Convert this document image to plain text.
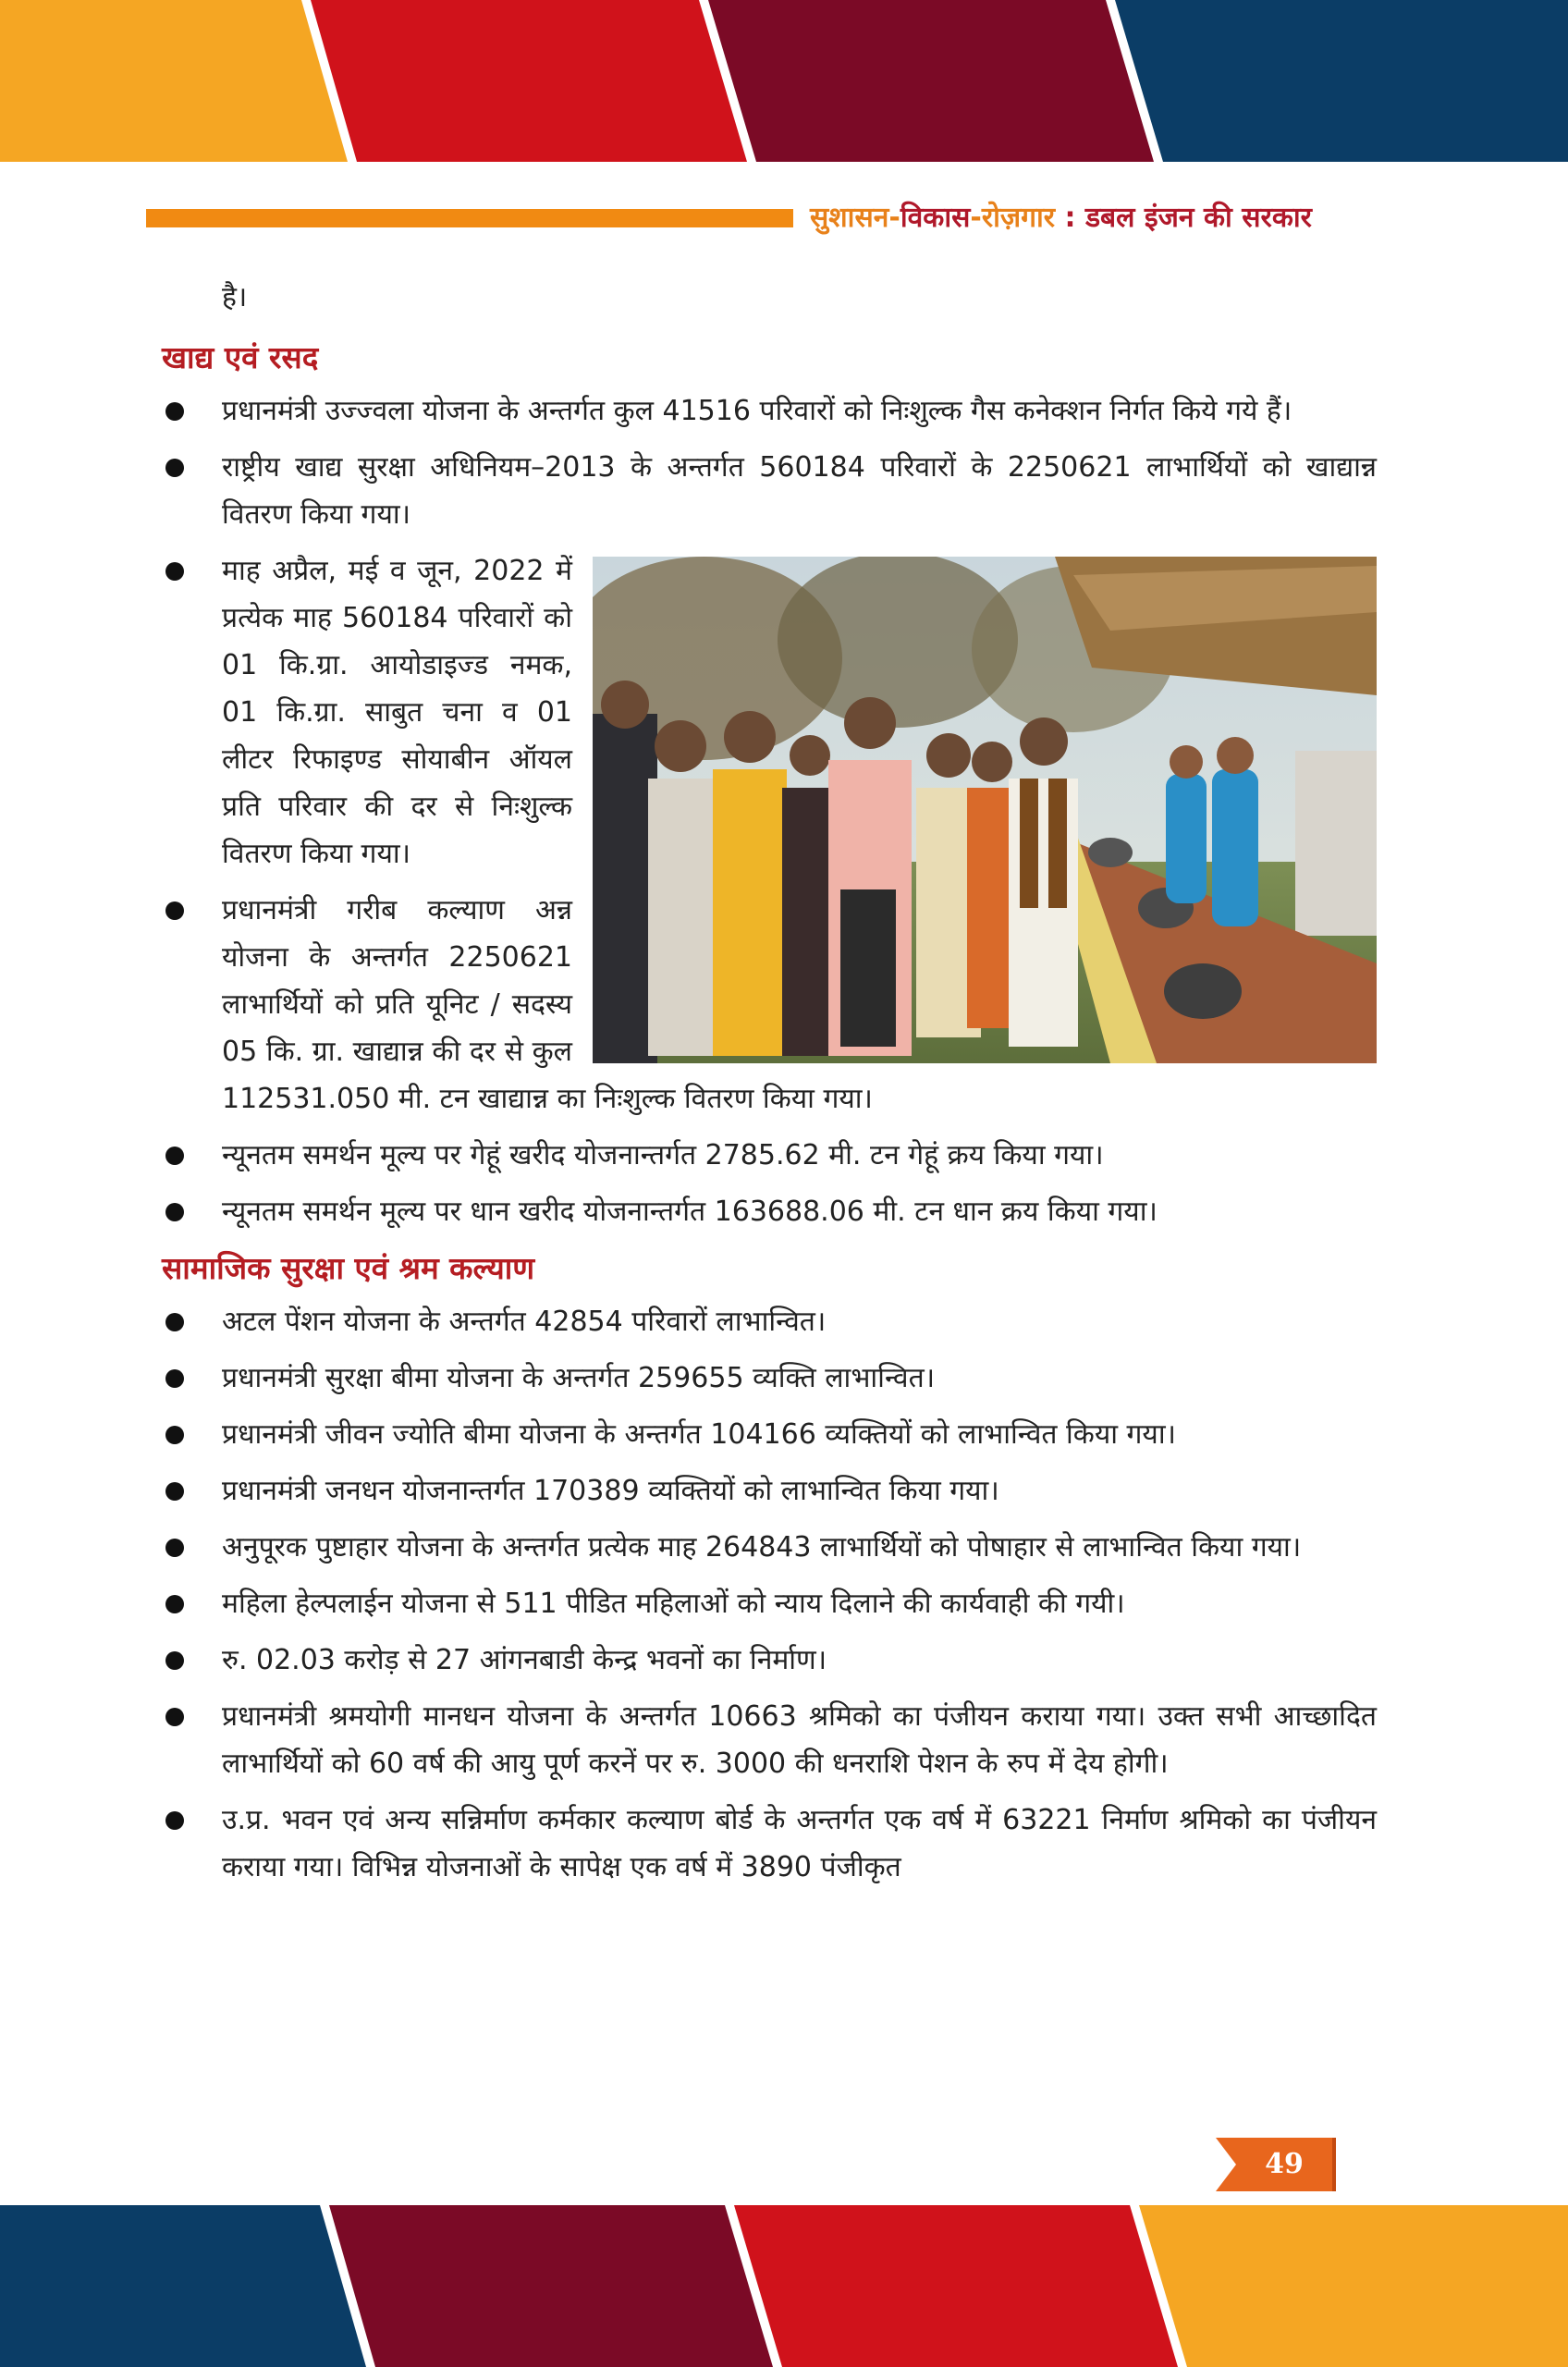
सुशासन-विकास-रोज़गार : डबल इंजन की सरकार

है।

खाद्य एवं रसद
प्रधानमंत्री उज्ज्वला योजना के अन्तर्गत कुल 41516 परिवारों को निःशुल्क गैस कनेक्शन निर्गत किये गये हैं।
राष्ट्रीय खाद्य सुरक्षा अधिनियम–2013 के अन्तर्गत 560184 परिवारों के 2250621 लाभार्थियों को खाद्यान्न वितरण किया गया।
माह अप्रैल, मई व जून, 2022 में प्रत्येक माह 560184 परिवारों को 01 कि.ग्रा. आयोडाइज्ड नमक, 01 कि.ग्रा. साबुत चना व 01 लीटर रिफाइण्ड सोयाबीन ऑयल प्रति परिवार की दर से निःशुल्क वितरण किया गया।
प्रधानमंत्री गरीब कल्याण अन्न योजना के अन्तर्गत 2250621 लाभार्थियों को प्रति यूनिट / सदस्य 05 कि. ग्रा. खाद्यान्न की दर से कुल 112531.050 मी. टन खाद्यान्न का निःशुल्क वितरण किया गया।
न्यूनतम समर्थन मूल्य पर गेहूं खरीद योजनान्तर्गत 2785.62 मी. टन गेहूं क्रय किया गया।
न्यूनतम समर्थन मूल्य पर धान खरीद योजनान्तर्गत 163688.06 मी. टन धान क्रय किया गया।
सामाजिक सुरक्षा एवं श्रम कल्याण
अटल पेंशन योजना के अन्तर्गत 42854 परिवारों लाभान्वित।
प्रधानमंत्री सुरक्षा बीमा योजना के अन्तर्गत 259655 व्यक्ति लाभान्वित।
प्रधानमंत्री जीवन ज्योति बीमा योजना के अन्तर्गत 104166 व्यक्तियों को लाभान्वित किया गया।
प्रधानमंत्री जनधन योजनान्तर्गत 170389 व्यक्तियों को लाभान्वित किया गया।
अनुपूरक पुष्टाहार योजना के अन्तर्गत प्रत्येक माह 264843 लाभार्थियों को पोषाहार से लाभान्वित किया गया।
महिला हेल्पलाईन योजना से 511 पीडित महिलाओं को न्याय दिलाने की कार्यवाही की गयी।
रु. 02.03 करोड़ से 27 आंगनबाडी केन्द्र भवनों का निर्माण।
प्रधानमंत्री श्रमयोगी मानधन योजना के अन्तर्गत 10663 श्रमिको का पंजीयन कराया गया। उक्त सभी आच्छादित लाभार्थियों को 60 वर्ष की आयु पूर्ण करनें पर रु. 3000 की धनराशि पेशन के रुप में देय होगी।
उ.प्र. भवन एवं अन्य सन्निर्माण कर्मकार कल्याण बोर्ड के अन्तर्गत एक वर्ष में 63221 निर्माण श्रमिको का पंजीयन कराया गया। विभिन्न योजनाओं के सापेक्ष एक वर्ष में 3890 पंजीकृत
49
